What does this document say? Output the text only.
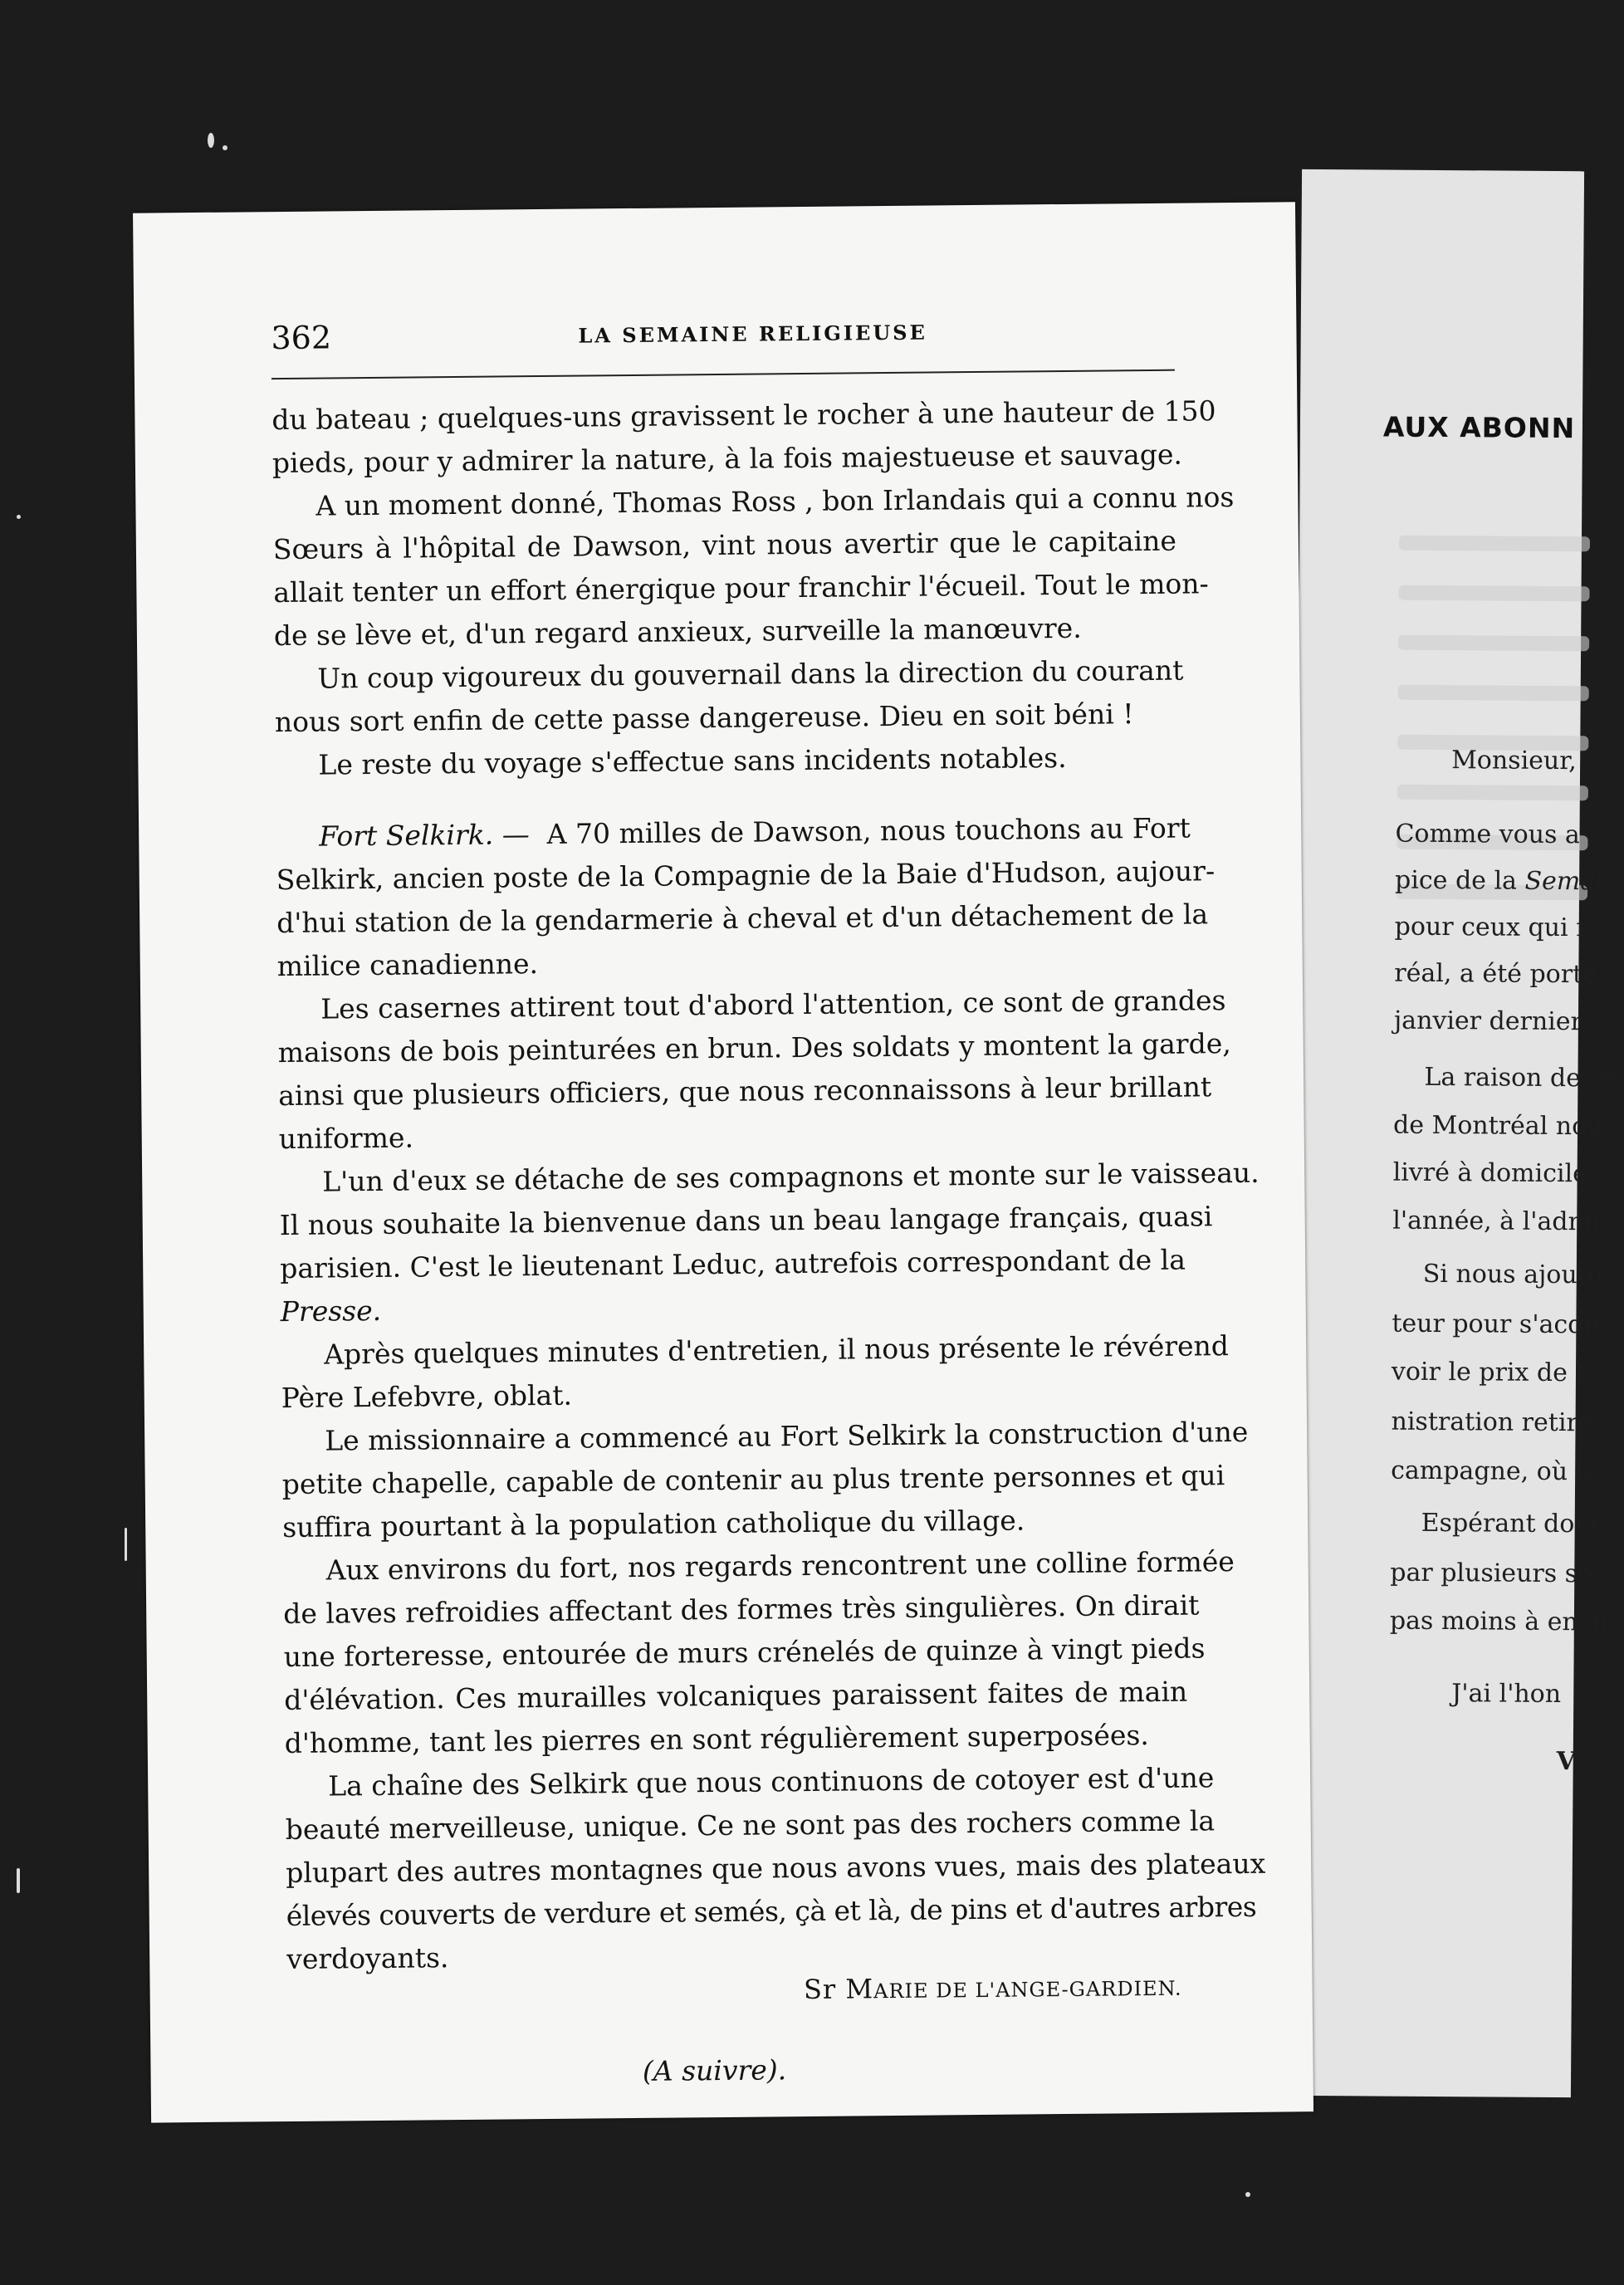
AUX ABONN
Monsieur,
Comme vous a
pice de la Semai
pour ceux qui r
réal, a été porté
janvier dernier.
La raison de ce
de Montréal nou
livré à domicile
l'année, à l'admi
Si nous ajouto
teur pour s'acqu
voir le prix de l'
nistration retire
campagne, où le
Espérant donc
par plusieurs so
pas moins à enco
J'ai l'hon
V
362	LA SEMAINE RELIGIEUSE
du bateau ; quelques-uns gravissent le rocher à une hauteur de 150
pieds, pour y admirer la nature, à la fois majestueuse et sauvage.
A un moment donné, Thomas Ross , bon Irlandais qui a connu nos
Sœurs à l'hôpital de Dawson, vint nous avertir que le capitaine
allait tenter un effort énergique pour franchir l'écueil. Tout le mon-
de se lève et, d'un regard anxieux, surveille la manœuvre.
Un coup vigoureux du gouvernail dans la direction du courant
nous sort enfin de cette passe dangereuse. Dieu en soit béni !
Le reste du voyage s'effectue sans incidents notables.
Fort Selkirk. — A 70 milles de Dawson, nous touchons au Fort
Selkirk, ancien poste de la Compagnie de la Baie d'Hudson, aujour-
d'hui station de la gendarmerie à cheval et d'un détachement de la
milice canadienne.
Les casernes attirent tout d'abord l'attention, ce sont de grandes
maisons de bois peinturées en brun. Des soldats y montent la garde,
ainsi que plusieurs officiers, que nous reconnaissons à leur brillant
uniforme.
L'un d'eux se détache de ses compagnons et monte sur le vaisseau.
Il nous souhaite la bienvenue dans un beau langage français, quasi
parisien. C'est le lieutenant Leduc, autrefois correspondant de la
Presse.
Après quelques minutes d'entretien, il nous présente le révérend
Père Lefebvre, oblat.
Le missionnaire a commencé au Fort Selkirk la construction d'une
petite chapelle, capable de contenir au plus trente personnes et qui
suffira pourtant à la population catholique du village.
Aux environs du fort, nos regards rencontrent une colline formée
de laves refroidies affectant des formes très singulières. On dirait
une forteresse, entourée de murs crénelés de quinze à vingt pieds
d'élévation. Ces murailles volcaniques paraissent faites de main
d'homme, tant les pierres en sont régulièrement superposées.
La chaîne des Selkirk que nous continuons de cotoyer est d'une
beauté merveilleuse, unique. Ce ne sont pas des rochers comme la
plupart des autres montagnes que nous avons vues, mais des plateaux
élevés couverts de verdure et semés, çà et là, de pins et d'autres arbres
verdoyants.
Sr MARIE DE L'ANGE-GARDIEN.
(A suivre).
